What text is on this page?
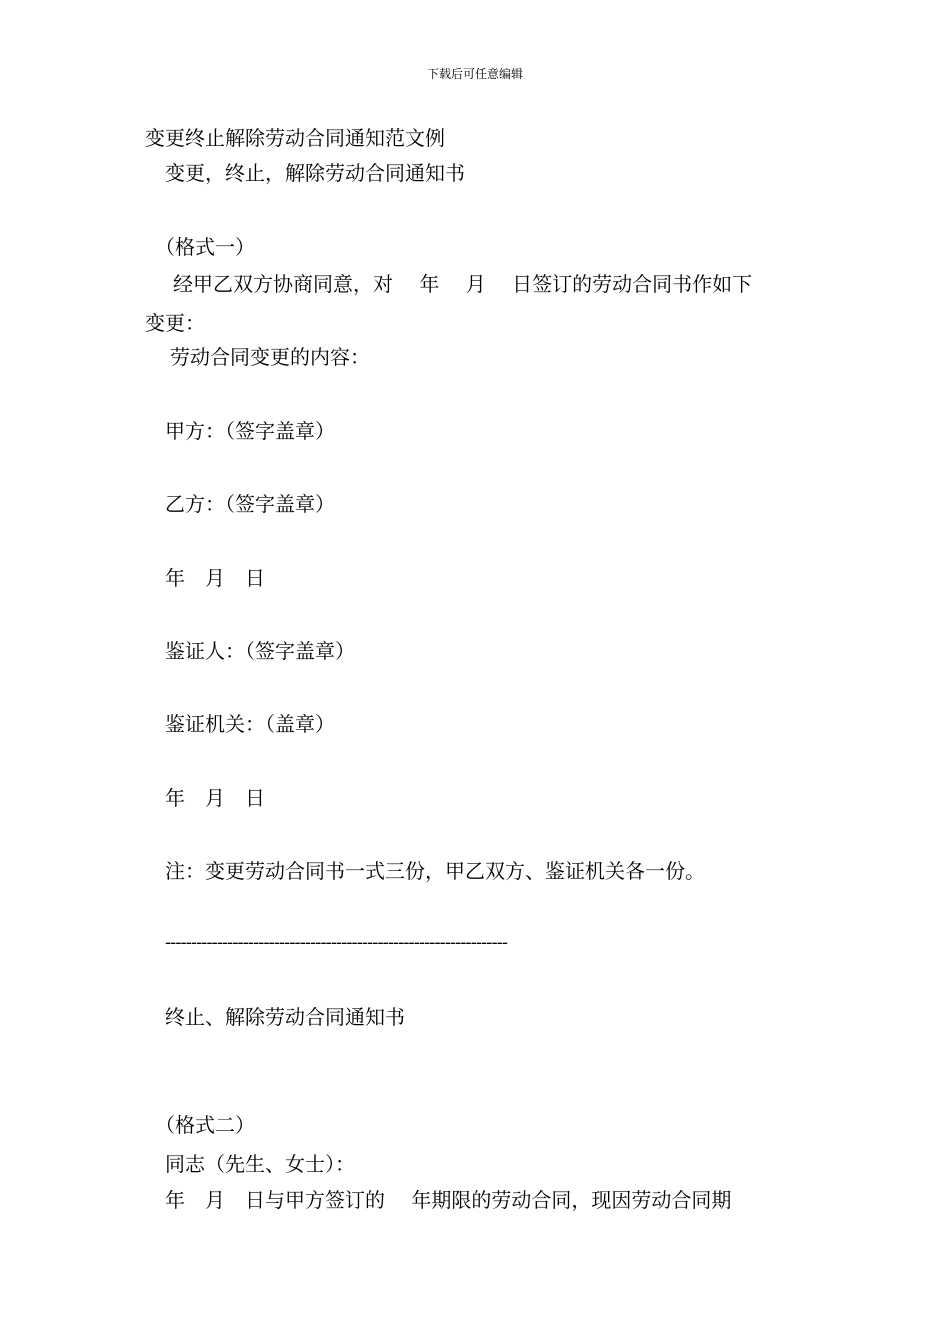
下载后可任意编辑
变更终止解除劳动合同通知范文例
变更，终止，解除劳动合同通知书
（格式一）
经甲乙双方协商同意，对　 年　 月　 日签订的劳动合同书作如下
变更：
劳动合同变更的内容：
甲方：（签字盖章）
乙方：（签字盖章）
年　月　日
鉴证人：（签字盖章）
鉴证机关：（盖章）
年　月　日
注：变更劳动合同书一式三份，甲乙双方、鉴证机关各一份。
------------------------------------------------------------------
终止、解除劳动合同通知书
（格式二）
同志（先生、女士）：
年　月　日与甲方签订的　 年期限的劳动合同，现因劳动合同期
